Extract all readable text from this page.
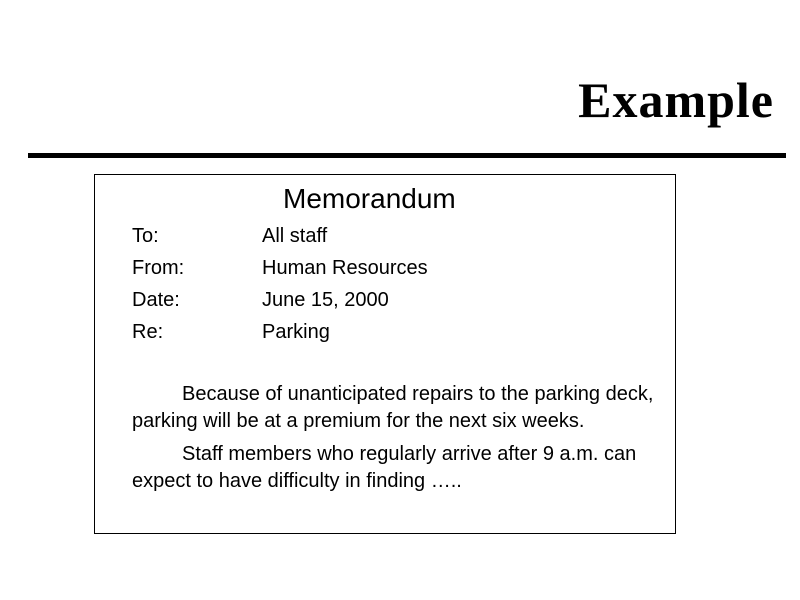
Example
Memorandum
To:	All staff
From:	Human Resources
Date:	June 15, 2000
Re:	Parking

Because of unanticipated repairs to the parking deck, parking will be at a premium for the next six weeks.

Staff members who regularly arrive after 9 a.m. can expect to have difficulty in finding …..
